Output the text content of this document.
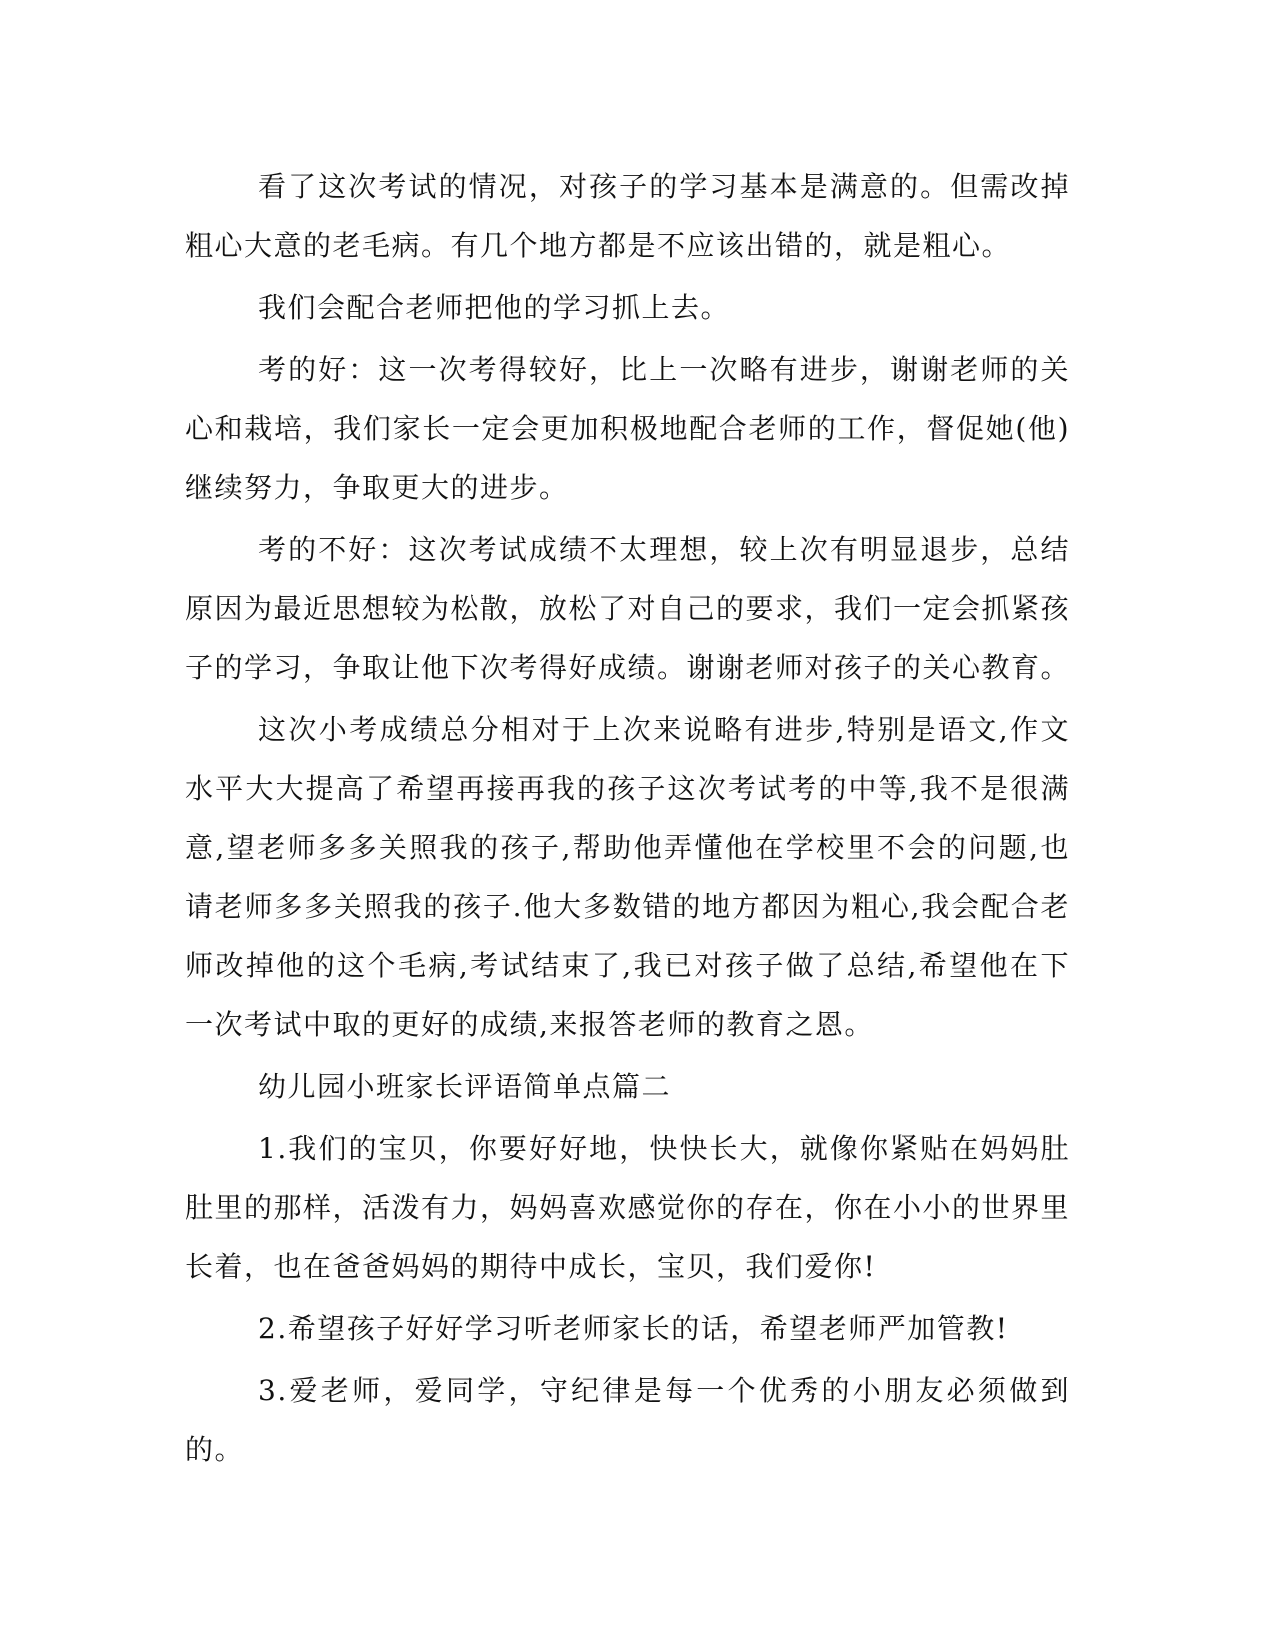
看了这次考试的情况，对孩子的学习基本是满意的。但需改掉粗心大意的老毛病。有几个地方都是不应该出错的，就是粗心。

我们会配合老师把他的学习抓上去。

考的好：这一次考得较好，比上一次略有进步，谢谢老师的关心和栽培，我们家长一定会更加积极地配合老师的工作，督促她(他)继续努力，争取更大的进步。

考的不好：这次考试成绩不太理想，较上次有明显退步，总结原因为最近思想较为松散，放松了对自己的要求，我们一定会抓紧孩子的学习，争取让他下次考得好成绩。谢谢老师对孩子的关心教育。

这次小考成绩总分相对于上次来说略有进步,特别是语文,作文水平大大提高了希望再接再我的孩子这次考试考的中等,我不是很满意,望老师多多关照我的孩子,帮助他弄懂他在学校里不会的问题,也请老师多多关照我的孩子.他大多数错的地方都因为粗心,我会配合老师改掉他的这个毛病,考试结束了,我已对孩子做了总结,希望他在下一次考试中取的更好的成绩,来报答老师的教育之恩。

幼儿园小班家长评语简单点篇二

1.我们的宝贝，你要好好地，快快长大，就像你紧贴在妈妈肚肚里的那样，活泼有力，妈妈喜欢感觉你的存在，你在小小的世界里长着，也在爸爸妈妈的期待中成长，宝贝，我们爱你!

2.希望孩子好好学习听老师家长的话，希望老师严加管教!

3.爱老师，爱同学，守纪律是每一个优秀的小朋友必须做到的。
